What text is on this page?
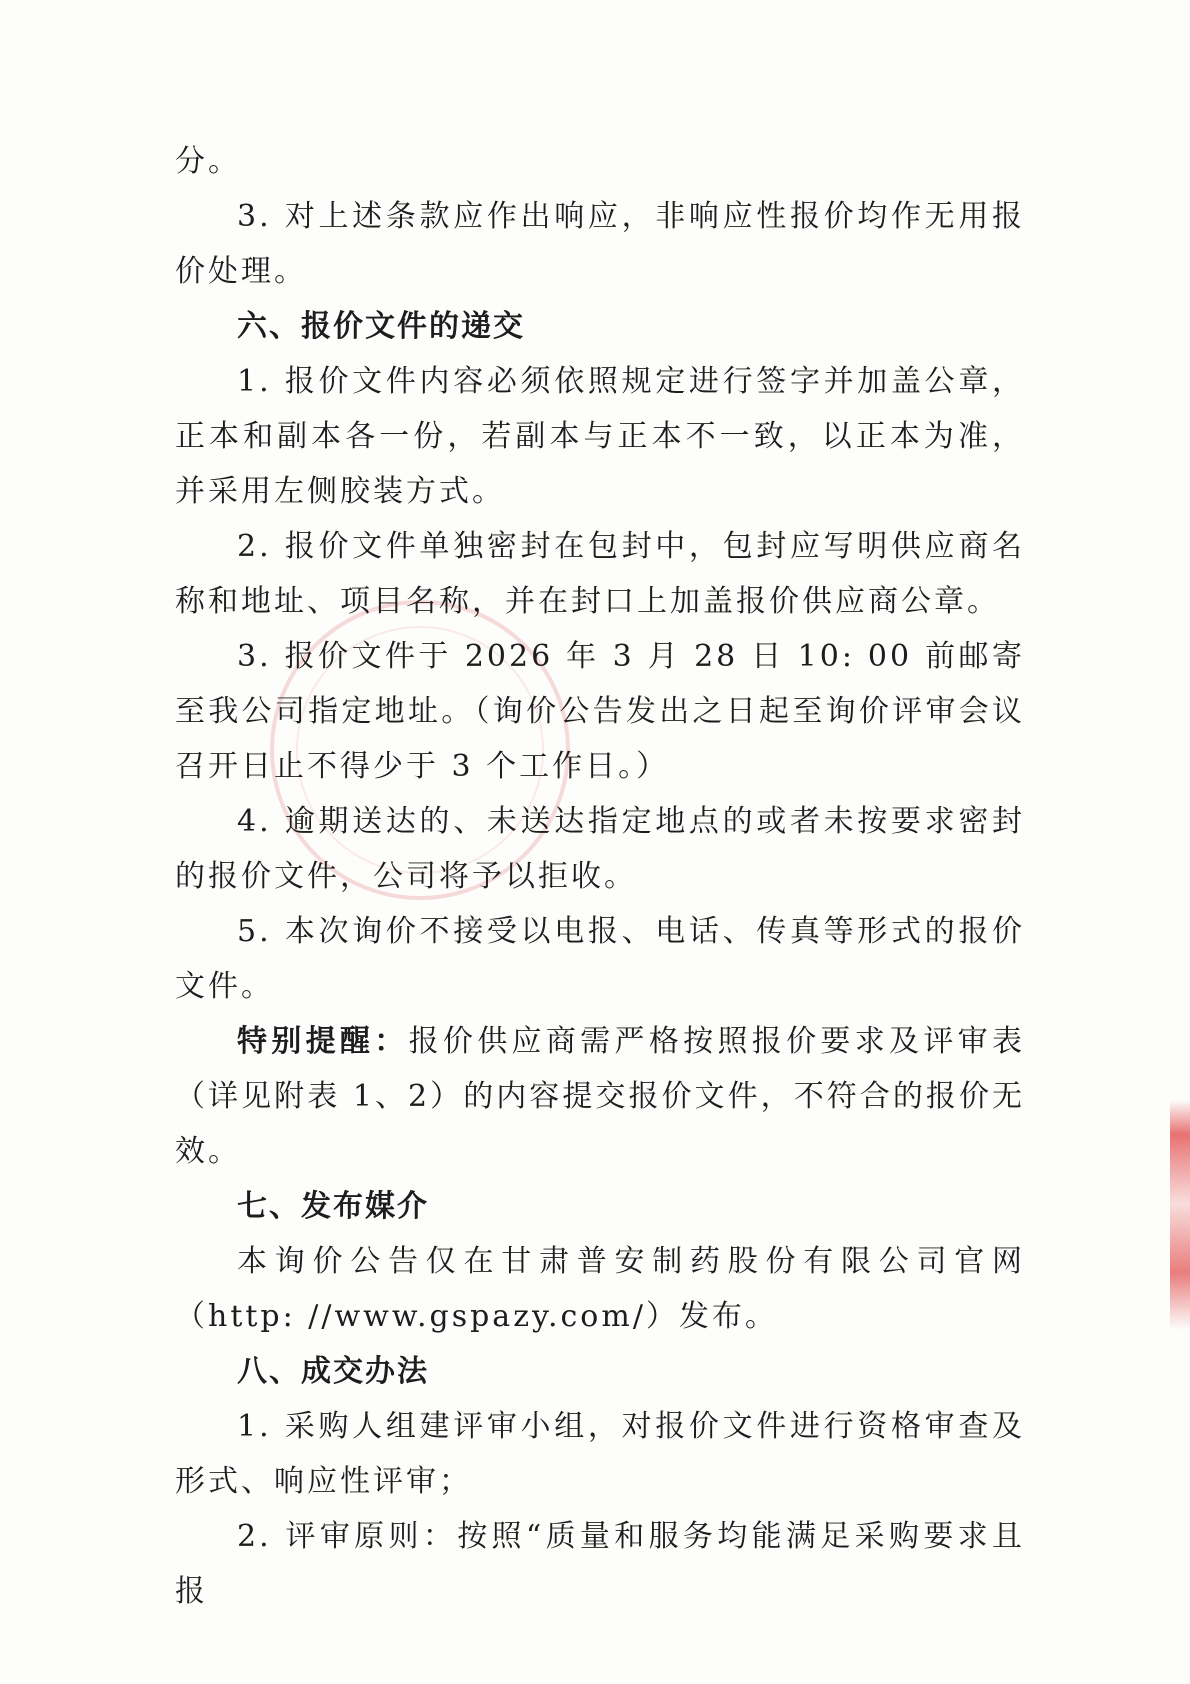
分。

3. 对上述条款应作出响应，非响应性报价均作无用报价处理。

六、报价文件的递交

1. 报价文件内容必须依照规定进行签字并加盖公章，正本和副本各一份，若副本与正本不一致，以正本为准，并采用左侧胶装方式。

2. 报价文件单独密封在包封中，包封应写明供应商名称和地址、项目名称，并在封口上加盖报价供应商公章。

3. 报价文件于 2026 年 3 月 28 日 10: 00 前邮寄至我公司指定地址。（询价公告发出之日起至询价评审会议召开日止不得少于 3 个工作日。）

4. 逾期送达的、未送达指定地点的或者未按要求密封的报价文件，公司将予以拒收。

5. 本次询价不接受以电报、电话、传真等形式的报价文件。

特别提醒：报价供应商需严格按照报价要求及评审表（详见附表 1、2）的内容提交报价文件，不符合的报价无效。

七、发布媒介

本询价公告仅在甘肃普安制药股份有限公司官网（http: //www.gspazy.com/）发布。

八、成交办法

1. 采购人组建评审小组，对报价文件进行资格审查及形式、响应性评审；

2. 评审原则：按照“质量和服务均能满足采购要求且报
